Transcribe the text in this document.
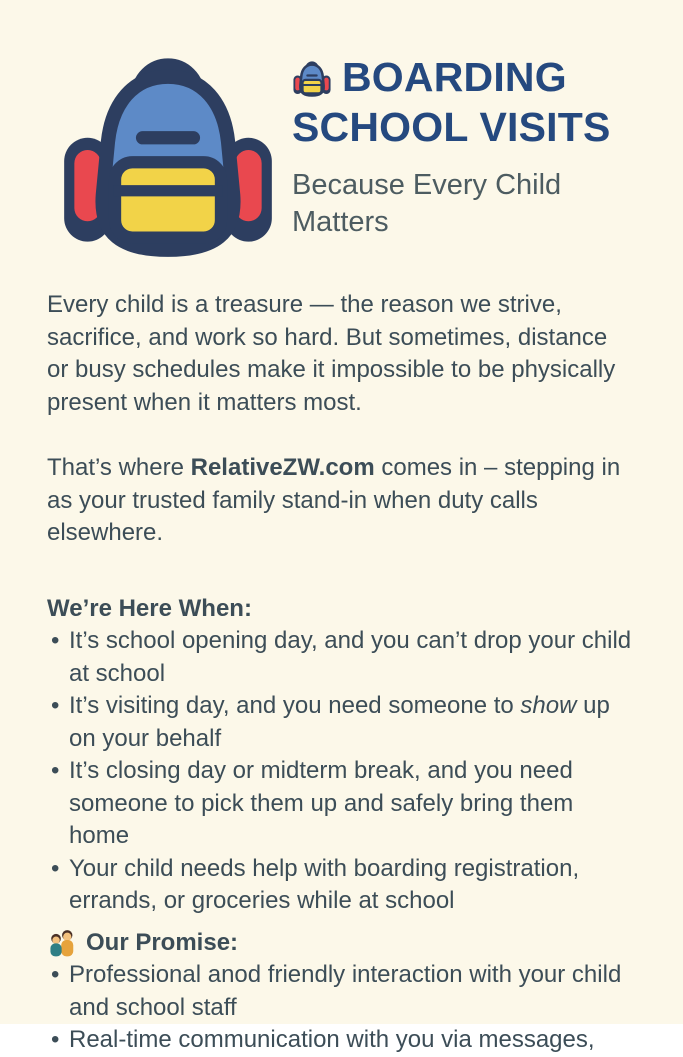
BOARDING
SCHOOL VISITS

Because Every Child Matters

Every child is a treasure — the reason we strive, sacrifice, and work so hard. But sometimes, distance or busy schedules make it impossible to be physically present when it matters most.

That’s where RelativeZW.com comes in – stepping in as your trusted family stand-in when duty calls elsewhere.

We’re Here When:
• It’s school opening day, and you can’t drop your child at school
• It’s visiting day, and you need someone to show up on your behalf
• It’s closing day or midterm break, and you need someone to pick them up and safely bring them home
• Your child needs help with boarding registration, errands, or groceries while at school
Our Promise:
• Professional anod friendly interaction with your child and school staff
• Real-time communication with you via messages,
